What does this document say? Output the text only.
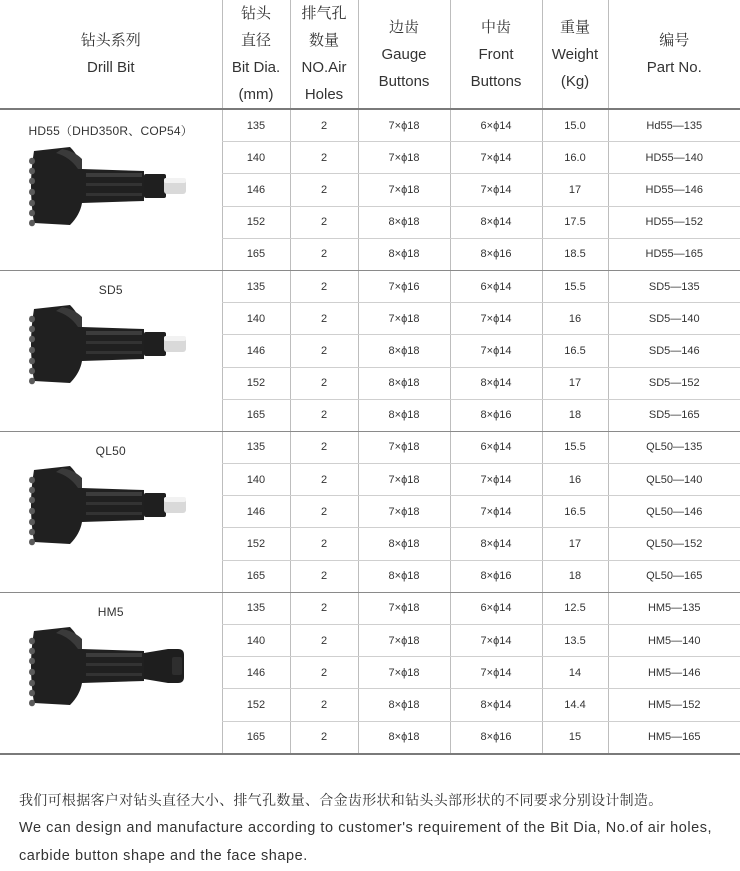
钻头系列
Drill Bit	钻头
直径
Bit Dia.
(mm)	排气孔
数量
NO.Air
Holes	边齿
Gauge
Buttons	中齿
Front
Buttons	重量
Weight
(Kg)	编号
Part No.

HD55（DHD350R、COP54）	135	2	7×ϕ18	6×ϕ14	15.0	Hd55—135
	140	2	7×ϕ18	7×ϕ14	16.0	HD55—140
	146	2	7×ϕ18	7×ϕ14	17	HD55—146
	152	2	8×ϕ18	8×ϕ14	17.5	HD55—152
	165	2	8×ϕ18	8×ϕ16	18.5	HD55—165

SD5	135	2	7×ϕ16	6×ϕ14	15.5	SD5—135
	140	2	7×ϕ18	7×ϕ14	16	SD5—140
	146	2	8×ϕ18	7×ϕ14	16.5	SD5—146
	152	2	8×ϕ18	8×ϕ14	17	SD5—152
	165	2	8×ϕ18	8×ϕ16	18	SD5—165

QL50	135	2	7×ϕ18	6×ϕ14	15.5	QL50—135
	140	2	7×ϕ18	7×ϕ14	16	QL50—140
	146	2	7×ϕ18	7×ϕ14	16.5	QL50—146
	152	2	8×ϕ18	8×ϕ14	17	QL50—152
	165	2	8×ϕ18	8×ϕ16	18	QL50—165

HM5	135	2	7×ϕ18	6×ϕ14	12.5	HM5—135
	140	2	7×ϕ18	7×ϕ14	13.5	HM5—140
	146	2	7×ϕ18	7×ϕ14	14	HM5—146
	152	2	8×ϕ18	8×ϕ14	14.4	HM5—152
	165	2	8×ϕ18	8×ϕ16	15	HM5—165

我们可根据客户对钻头直径大小、排气孔数量、合金齿形状和钻头头部形状的不同要求分别设计制造。

We can design and manufacture according to customer's requirement of the Bit Dia, No.of air holes,

carbide button shape and the face shape.
